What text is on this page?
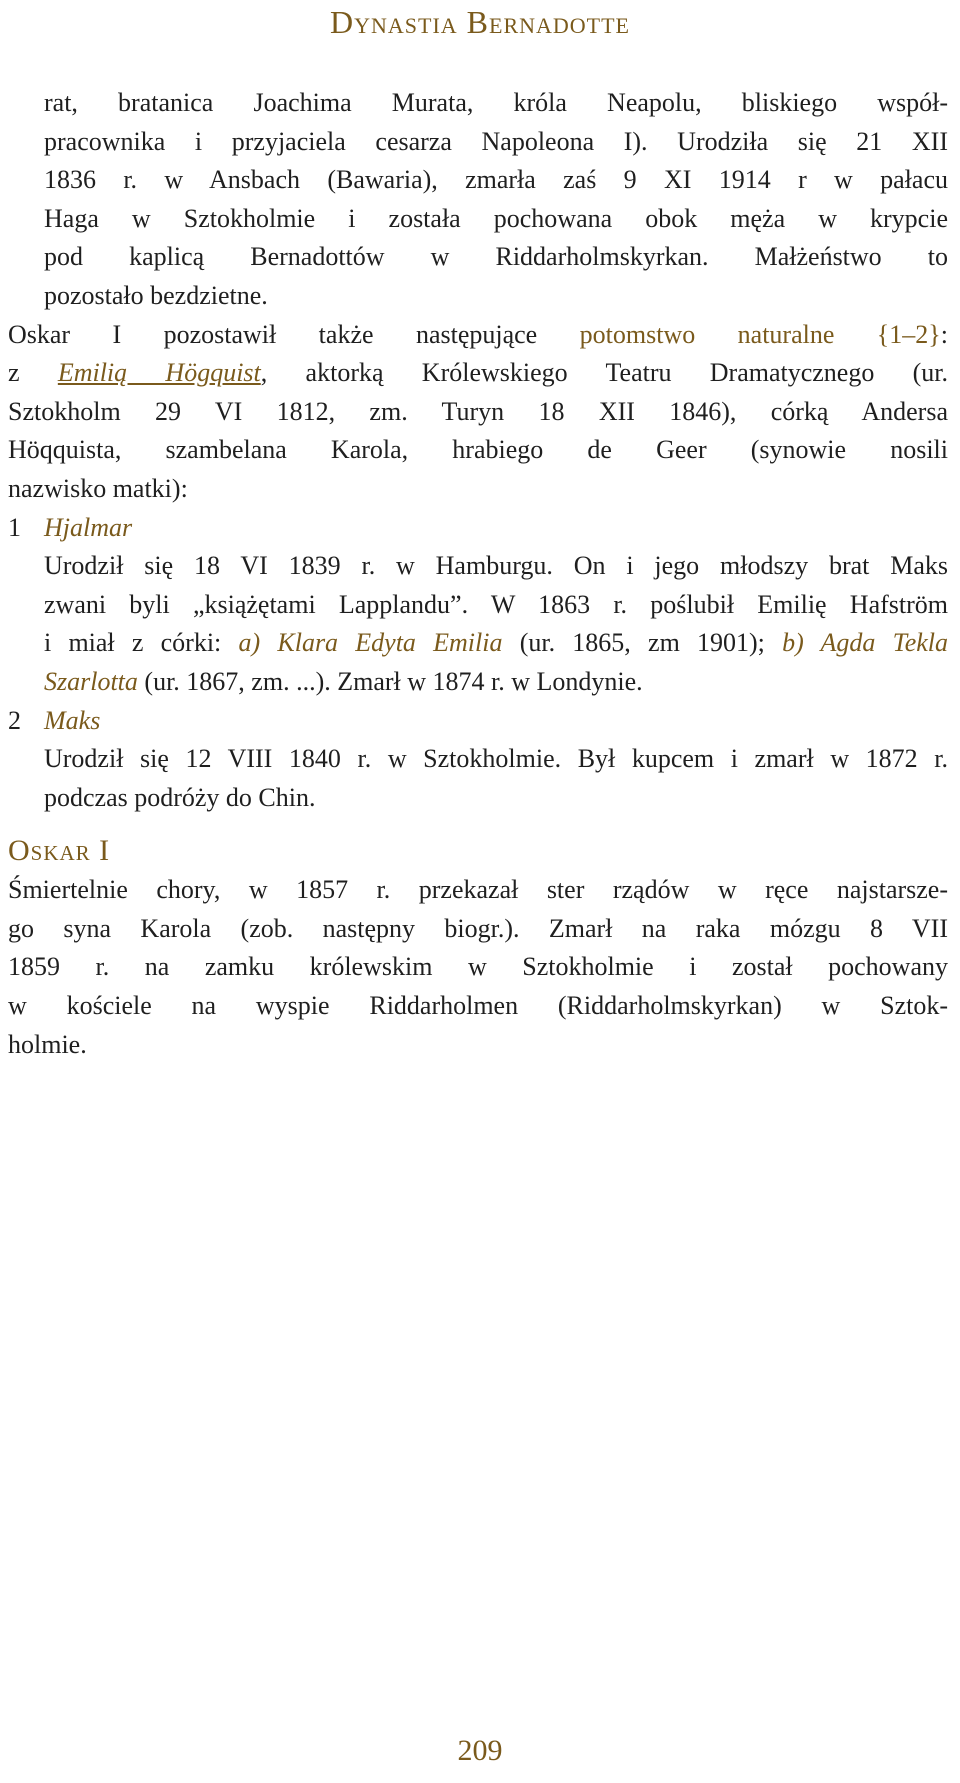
Dynastia Bernadotte
rat, bratanica Joachima Murata, króla Neapolu, bliskiego współ-
pracownika i przyjaciela cesarza Napoleona I). Urodziła się 21 XII
1836 r. w Ansbach (Bawaria), zmarła zaś 9 XI 1914 r w pałacu
Haga w Sztokholmie i została pochowana obok męża w krypcie
pod kaplicą Bernadottów w Riddarholmskyrkan. Małżeństwo to
pozostało bezdzietne.
Oskar I pozostawił także następujące potomstwo naturalne {1–2}:
z Emilią Högquist, aktorką Królewskiego Teatru Dramatycznego (ur.
Sztokholm 29 VI 1812, zm. Turyn 18 XII 1846), córką Andersa
Höqquista, szambelana Karola, hrabiego de Geer (synowie nosili
nazwisko matki):
1 Hjalmar
Urodził się 18 VI 1839 r. w Hamburgu. On i jego młodszy brat Maks
zwani byli „książętami Lapplandu”. W 1863 r. poślubił Emilię Hafström
i miał z córki: a) Klara Edyta Emilia (ur. 1865, zm 1901); b) Agda Tekla
Szarlotta (ur. 1867, zm. ...). Zmarł w 1874 r. w Londynie.
2 Maks
Urodził się 12 VIII 1840 r. w Sztokholmie. Był kupcem i zmarł w 1872 r.
podczas podróży do Chin.
Oskar I
Śmiertelnie chory, w 1857 r. przekazał ster rządów w ręce najstarsze-
go syna Karola (zob. następny biogr.). Zmarł na raka mózgu 8 VII
1859 r. na zamku królewskim w Sztokholmie i został pochowany
w kościele na wyspie Riddarholmen (Riddarholmskyrkan) w Sztok-
holmie.
209
